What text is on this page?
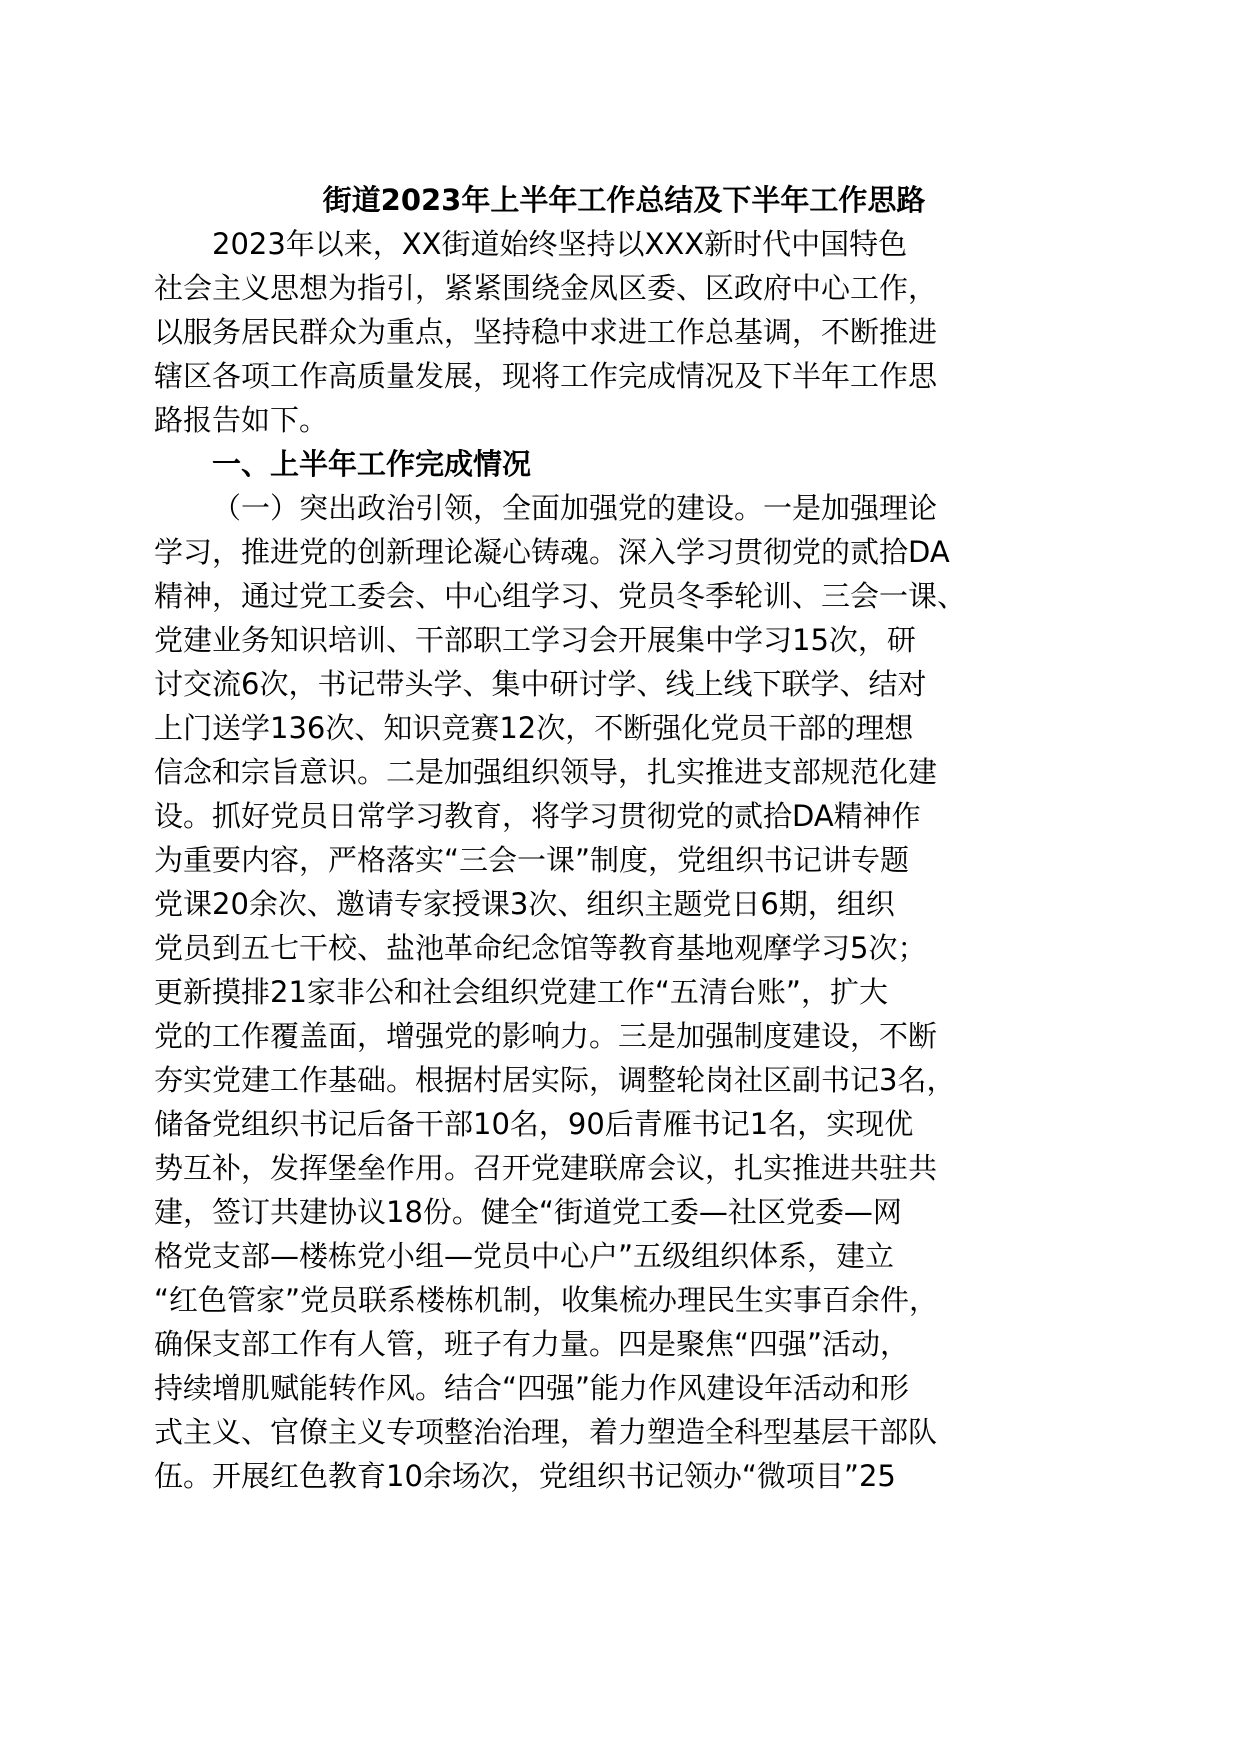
街道2023年上半年工作总结及下半年工作思路
2023年以来，XX街道始终坚持以XXX新时代中国特色
社会主义思想为指引，紧紧围绕金凤区委、区政府中心工作，
以服务居民群众为重点，坚持稳中求进工作总基调，不断推进
辖区各项工作高质量发展，现将工作完成情况及下半年工作思
路报告如下。
一、上半年工作完成情况
（一）突出政治引领，全面加强党的建设。一是加强理论
学习，推进党的创新理论凝心铸魂。深入学习贯彻党的贰拾DA
精神，通过党工委会、中心组学习、党员冬季轮训、三会一课、
党建业务知识培训、干部职工学习会开展集中学习15次，研
讨交流6次，书记带头学、集中研讨学、线上线下联学、结对
上门送学136次、知识竞赛12次，不断强化党员干部的理想
信念和宗旨意识。二是加强组织领导，扎实推进支部规范化建
设。抓好党员日常学习教育，将学习贯彻党的贰拾DA精神作
为重要内容，严格落实“三会一课”制度，党组织书记讲专题
党课20余次、邀请专家授课3次、组织主题党日6期，组织
党员到五七干校、盐池革命纪念馆等教育基地观摩学习5次；
更新摸排21家非公和社会组织党建工作“五清台账”，扩大
党的工作覆盖面，增强党的影响力。三是加强制度建设，不断
夯实党建工作基础。根据村居实际，调整轮岗社区副书记3名，
储备党组织书记后备干部10名，90后青雁书记1名，实现优
势互补，发挥堡垒作用。召开党建联席会议，扎实推进共驻共
建，签订共建协议18份。健全“街道党工委—社区党委—网
格党支部—楼栋党小组—党员中心户”五级组织体系，建立
“红色管家”党员联系楼栋机制，收集梳办理民生实事百余件，
确保支部工作有人管，班子有力量。四是聚焦“四强”活动，
持续增肌赋能转作风。结合“四强”能力作风建设年活动和形
式主义、官僚主义专项整治治理，着力塑造全科型基层干部队
伍。开展红色教育10余场次，党组织书记领办“微项目”25
